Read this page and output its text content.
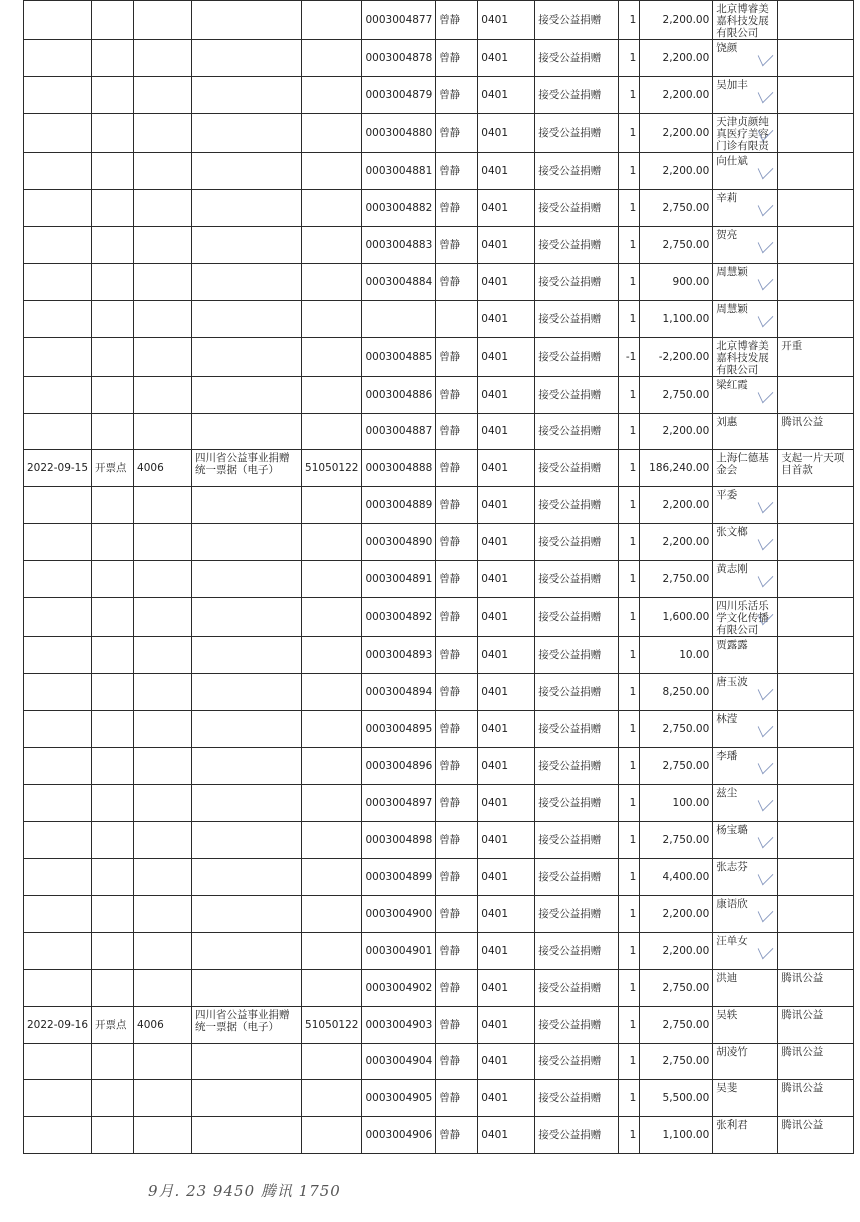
					0003004877	曾静	0401	接受公益捐赠	1	2,200.00	北京博睿美嘉科技发展有限公司	

					0003004878	曾静	0401	接受公益捐赠	1	2,200.00	饶颜	

					0003004879	曾静	0401	接受公益捐赠	1	2,200.00	吴加丰	

					0003004880	曾静	0401	接受公益捐赠	1	2,200.00	天津贞颜纯真医疗美容门诊有限责	

					0003004881	曾静	0401	接受公益捐赠	1	2,200.00	向仕斌	

					0003004882	曾静	0401	接受公益捐赠	1	2,750.00	辛莉	

					0003004883	曾静	0401	接受公益捐赠	1	2,750.00	贺亮	

					0003004884	曾静	0401	接受公益捐赠	1	900.00	周慧颖	

							0401	接受公益捐赠	1	1,100.00	周慧颖	

					0003004885	曾静	0401	接受公益捐赠	-1	-2,200.00	北京博睿美嘉科技发展有限公司	开重
					0003004886	曾静	0401	接受公益捐赠	1	2,750.00	梁红霞	

					0003004887	曾静	0401	接受公益捐赠	1	2,200.00	刘惠	腾讯公益
2022-09-15	开票点	4006	四川省公益事业捐赠统一票据（电子）	51050122	0003004888	曾静	0401	接受公益捐赠	1	186,240.00	上海仁德基金会	支起一片天项目首款
					0003004889	曾静	0401	接受公益捐赠	1	2,200.00	平委	

					0003004890	曾静	0401	接受公益捐赠	1	2,200.00	张文榔	

					0003004891	曾静	0401	接受公益捐赠	1	2,750.00	黄志刚	

					0003004892	曾静	0401	接受公益捐赠	1	1,600.00	四川乐活乐学文化传播有限公司	

					0003004893	曾静	0401	接受公益捐赠	1	10.00	贾露露	

					0003004894	曾静	0401	接受公益捐赠	1	8,250.00	唐玉波	

					0003004895	曾静	0401	接受公益捐赠	1	2,750.00	林滢	

					0003004896	曾静	0401	接受公益捐赠	1	2,750.00	李璠	

					0003004897	曾静	0401	接受公益捐赠	1	100.00	兹尘	

					0003004898	曾静	0401	接受公益捐赠	1	2,750.00	杨宝璐	

					0003004899	曾静	0401	接受公益捐赠	1	4,400.00	张志芬	

					0003004900	曾静	0401	接受公益捐赠	1	2,200.00	康语欣	

					0003004901	曾静	0401	接受公益捐赠	1	2,200.00	汪单女	

					0003004902	曾静	0401	接受公益捐赠	1	2,750.00	洪迪	腾讯公益
2022-09-16	开票点	4006	四川省公益事业捐赠统一票据（电子）	51050122	0003004903	曾静	0401	接受公益捐赠	1	2,750.00	吴轶	腾讯公益
					0003004904	曾静	0401	接受公益捐赠	1	2,750.00	胡凌竹	腾讯公益
					0003004905	曾静	0401	接受公益捐赠	1	5,500.00	吴斐	腾讯公益
					0003004906	曾静	0401	接受公益捐赠	1	1,100.00	张利君	腾讯公益
9月. 23 9450 腾讯 1750
